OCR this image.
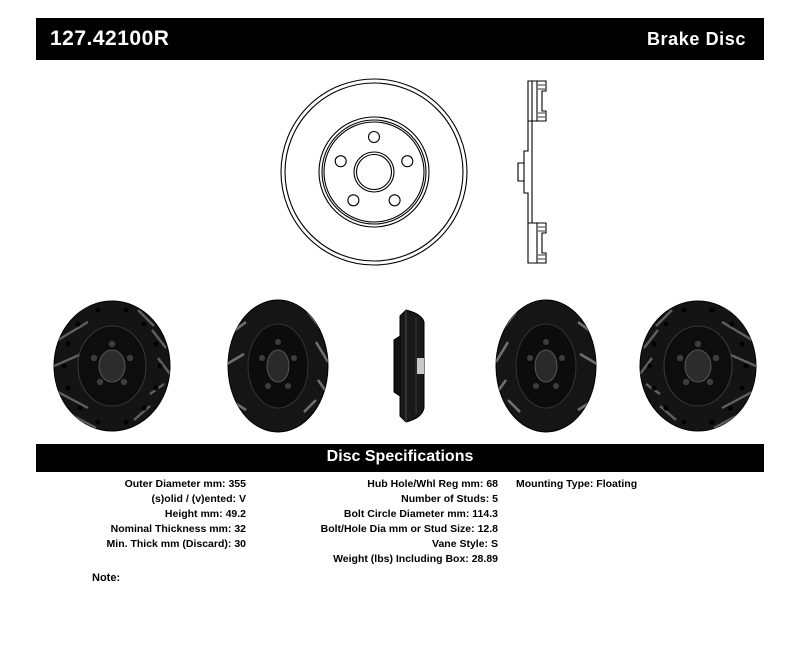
127.42100R	Brake Disc
Disc Specifications
Outer Diameter mm: 355
(s)olid / (v)ented: V
Height mm: 49.2
Nominal Thickness mm: 32
Min. Thick mm (Discard): 30
Hub Hole/Whl Reg mm: 68
Number of Studs: 5
Bolt Circle Diameter mm: 114.3
Bolt/Hole Dia mm or Stud Size: 12.8
Vane Style: S
Weight (lbs) Including Box: 28.89
Mounting Type: Floating
Note:
